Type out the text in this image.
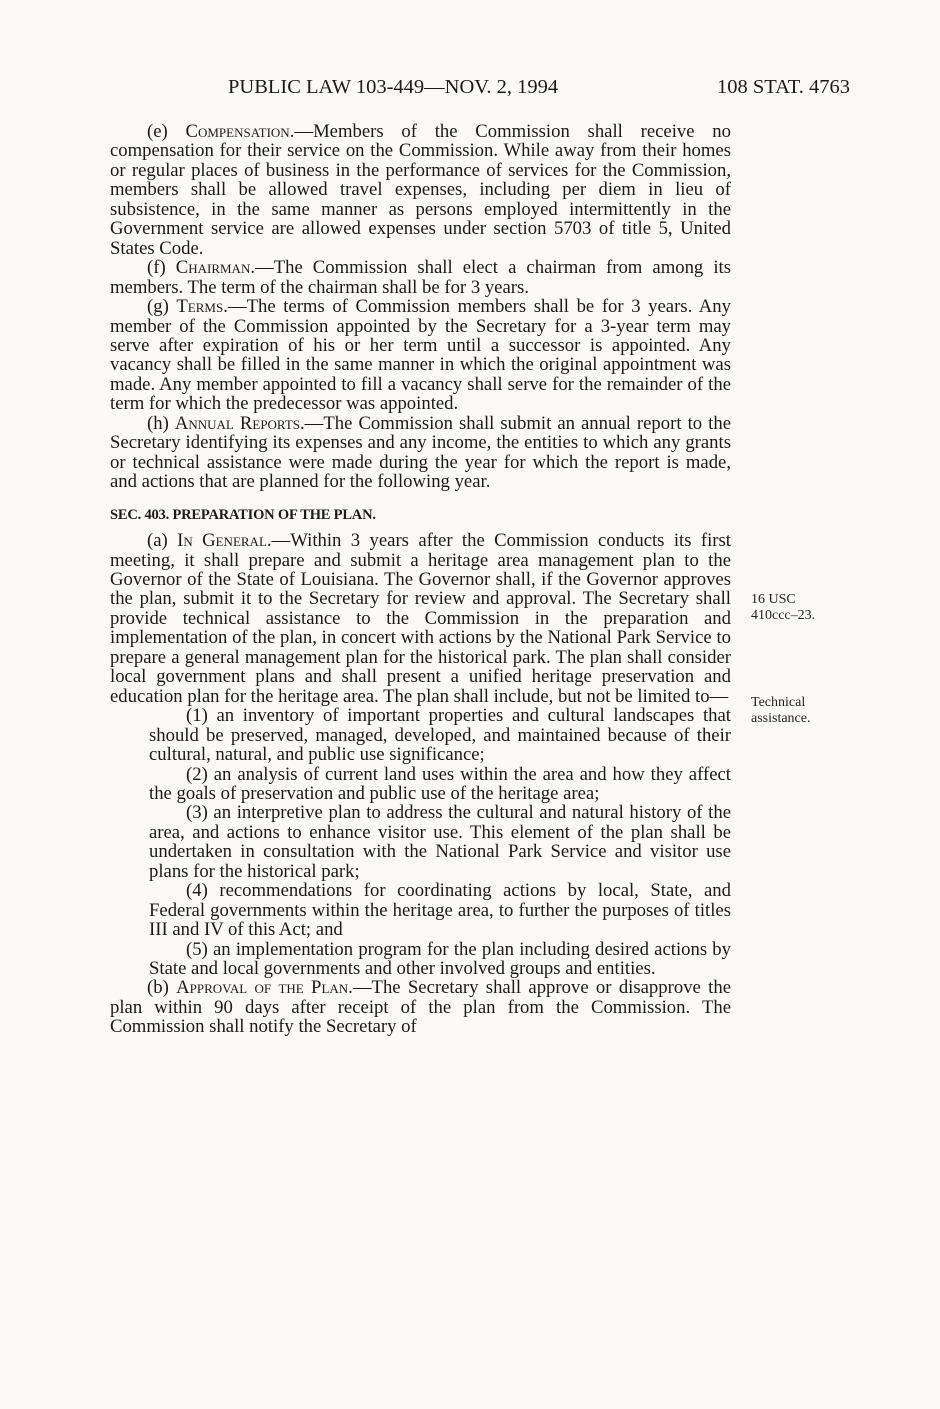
PUBLIC LAW 103-449—NOV. 2, 1994	108 STAT. 4763

(e) Compensation.—Members of the Commission shall receive no compensation for their service on the Commission. While away from their homes or regular places of business in the performance of services for the Commission, members shall be allowed travel expenses, including per diem in lieu of subsistence, in the same manner as persons employed intermittently in the Government service are allowed expenses under section 5703 of title 5, United States Code.

(f) Chairman.—The Commission shall elect a chairman from among its members. The term of the chairman shall be for 3 years.

(g) Terms.—The terms of Commission members shall be for 3 years. Any member of the Commission appointed by the Secretary for a 3-year term may serve after expiration of his or her term until a successor is appointed. Any vacancy shall be filled in the same manner in which the original appointment was made. Any member appointed to fill a vacancy shall serve for the remainder of the term for which the predecessor was appointed.

(h) Annual Reports.—The Commission shall submit an annual report to the Secretary identifying its expenses and any income, the entities to which any grants or technical assistance were made during the year for which the report is made, and actions that are planned for the following year.

SEC. 403. PREPARATION OF THE PLAN.

(a) In General.—Within 3 years after the Commission conducts its first meeting, it shall prepare and submit a heritage area management plan to the Governor of the State of Louisiana. The Governor shall, if the Governor approves the plan, submit it to the Secretary for review and approval. The Secretary shall provide technical assistance to the Commission in the preparation and implementation of the plan, in concert with actions by the National Park Service to prepare a general management plan for the historical park. The plan shall consider local government plans and shall present a unified heritage preservation and education plan for the heritage area. The plan shall include, but not be limited to—

(1) an inventory of important properties and cultural landscapes that should be preserved, managed, developed, and maintained because of their cultural, natural, and public use significance;

(2) an analysis of current land uses within the area and how they affect the goals of preservation and public use of the heritage area;

(3) an interpretive plan to address the cultural and natural history of the area, and actions to enhance visitor use. This element of the plan shall be undertaken in consultation with the National Park Service and visitor use plans for the historical park;

(4) recommendations for coordinating actions by local, State, and Federal governments within the heritage area, to further the purposes of titles III and IV of this Act; and

(5) an implementation program for the plan including desired actions by State and local governments and other involved groups and entities.

(b) Approval of the Plan.—The Secretary shall approve or disapprove the plan within 90 days after receipt of the plan from the Commission. The Commission shall notify the Secretary of

16 USC
410ccc–23.
Technical
assistance.
